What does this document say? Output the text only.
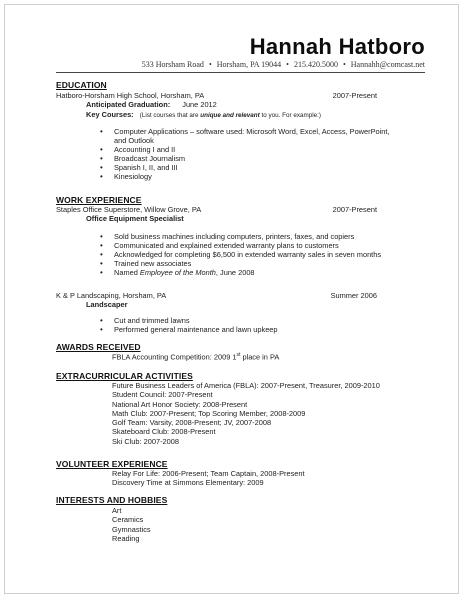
Hannah Hatboro
533 Horsham Road • Horsham, PA 19044 • 215.420.5000 • Hannahh@comcast.net
EDUCATION
Hatboro-Horsham High School, Horsham, PA	2007-Present
Anticipated Graduation: June 2012
Key Courses: (List courses that are unique and relevant to you. For example:)
• Computer Applications – software used: Microsoft Word, Excel, Access, PowerPoint,
and Outlook
• Accounting I and II
• Broadcast Journalism
• Spanish I, II, and III
• Kinesiology
WORK EXPERIENCE
Staples Office Superstore, Willow Grove, PA	2007-Present
Office Equipment Specialist
• Sold business machines including computers, printers, faxes, and copiers
• Communicated and explained extended warranty plans to customers
• Acknowledged for completing $6,500 in extended warranty sales in seven months
• Trained new associates
• Named Employee of the Month, June 2008
K & P Landscaping, Horsham, PA	Summer 2006
Landscaper
• Cut and trimmed lawns
• Performed general maintenance and lawn upkeep
AWARDS RECEIVED
FBLA Accounting Competition: 2009 1st place in PA
EXTRACURRICULAR ACTIVITIES
Future Business Leaders of America (FBLA): 2007-Present, Treasurer, 2009-2010
Student Council: 2007-Present
National Art Honor Society: 2008-Present
Math Club: 2007-Present; Top Scoring Member, 2008-2009
Golf Team: Varsity, 2008-Present; JV, 2007-2008
Skateboard Club: 2008-Present
Ski Club: 2007-2008
VOLUNTEER EXPERIENCE
Relay For Life: 2006-Present; Team Captain, 2008-Present
Discovery Time at Simmons Elementary: 2009
INTERESTS AND HOBBIES
Art
Ceramics
Gymnastics
Reading
